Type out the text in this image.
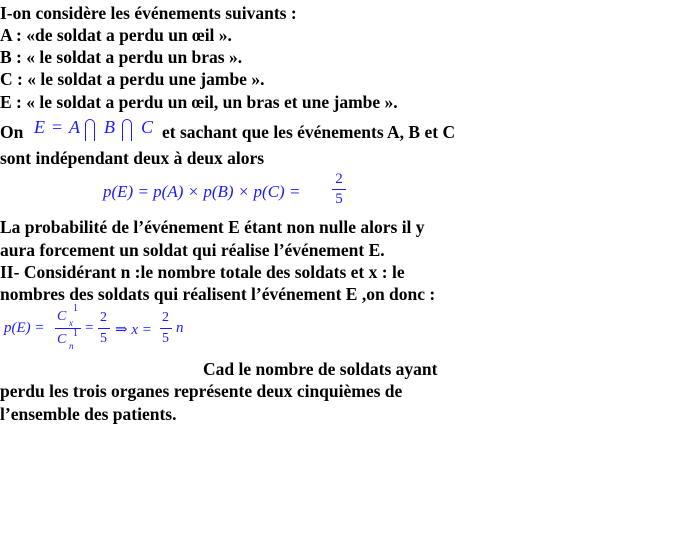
I-on considère les événements suivants :
A : «de soldat a perdu un œil ».
B : « le soldat a perdu un bras ».
C : « le soldat a perdu une jambe ».
E : « le soldat a perdu un œil, un bras et une jambe ».
On E = A B C et sachant que les événements A, B et C
sont indépendant deux à deux alors
p(E) = p(A) × p(B) × p(C) =
2
5
La probabilité de l’événement E étant non nulle alors il y
aura forcement un soldat qui réalise l’événement E.
II- Considérant n :le nombre totale des soldats et x : le
nombres des soldats qui réalisent l’événement E ,on donc :
p(E) =
C
1
x
C 1
n
=
2
5
⇒ x =
2
5
n
Cad le nombre de soldats ayant
perdu les trois organes représente deux cinquièmes de
l’ensemble des patients.
